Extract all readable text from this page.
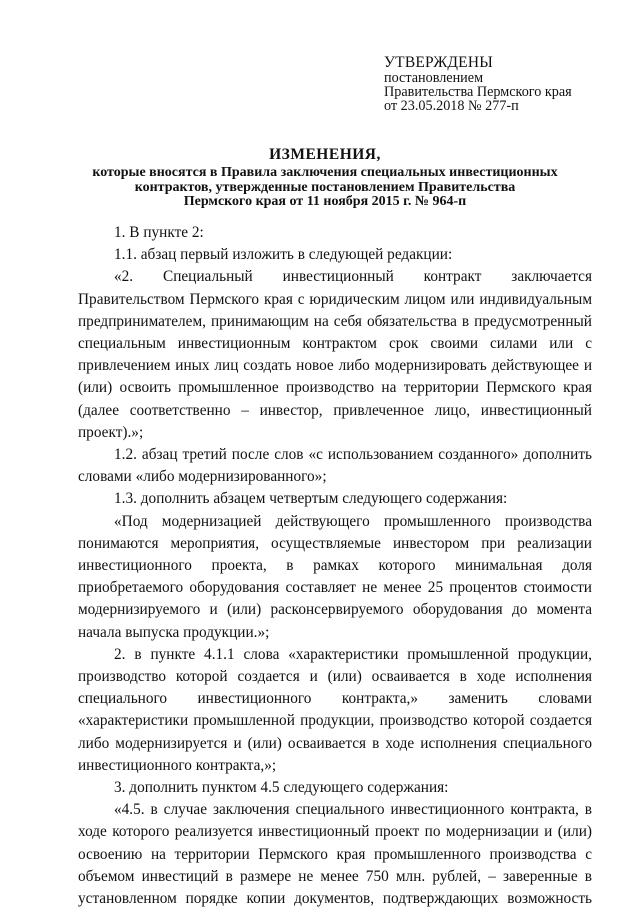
УТВЕРЖДЕНЫ
постановлением
Правительства Пермского края
от 23.05.2018 № 277-п
ИЗМЕНЕНИЯ,
которые вносятся в Правила заключения специальных инвестиционных
контрактов, утвержденные постановлением Правительства
Пермского края от 11 ноября 2015 г. № 964-п

1. В пункте 2:

1.1. абзац первый изложить в следующей редакции:

«2. Специальный инвестиционный контракт заключается Правительством Пермского края с юридическим лицом или индивидуальным предпринимателем, принимающим на себя обязательства в предусмотренный специальным инвестиционным контрактом срок своими силами или с привлечением иных лиц создать новое либо модернизировать действующее и (или) освоить промышленное производство на территории Пермского края (далее соответственно – инвестор, привлеченное лицо, инвестиционный проект).»;

1.2. абзац третий после слов «с использованием созданного» дополнить словами «либо модернизированного»;

1.3. дополнить абзацем четвертым следующего содержания:

«Под модернизацией действующего промышленного производства понимаются мероприятия, осуществляемые инвестором при реализации инвестиционного проекта, в рамках которого минимальная доля приобретаемого оборудования составляет не менее 25 процентов стоимости модернизируемого и (или) расконсервируемого оборудования до момента начала выпуска продукции.»;

2. в пункте 4.1.1 слова «характеристики промышленной продукции, производство которой создается и (или) осваивается в ходе исполнения специального инвестиционного контракта,» заменить словами «характеристики промышленной продукции, производство которой создается либо модернизируется и (или) осваивается в ходе исполнения специального инвестиционного контракта,»;

3. дополнить пунктом 4.5 следующего содержания:

«4.5. в случае заключения специального инвестиционного контракта, в ходе которого реализуется инвестиционный проект по модернизации и (или) освоению на территории Пермского края промышленного производства с объемом инвестиций в размере не менее 750 млн. рублей, – заверенные в установленном порядке копии документов, подтверждающих возможность
